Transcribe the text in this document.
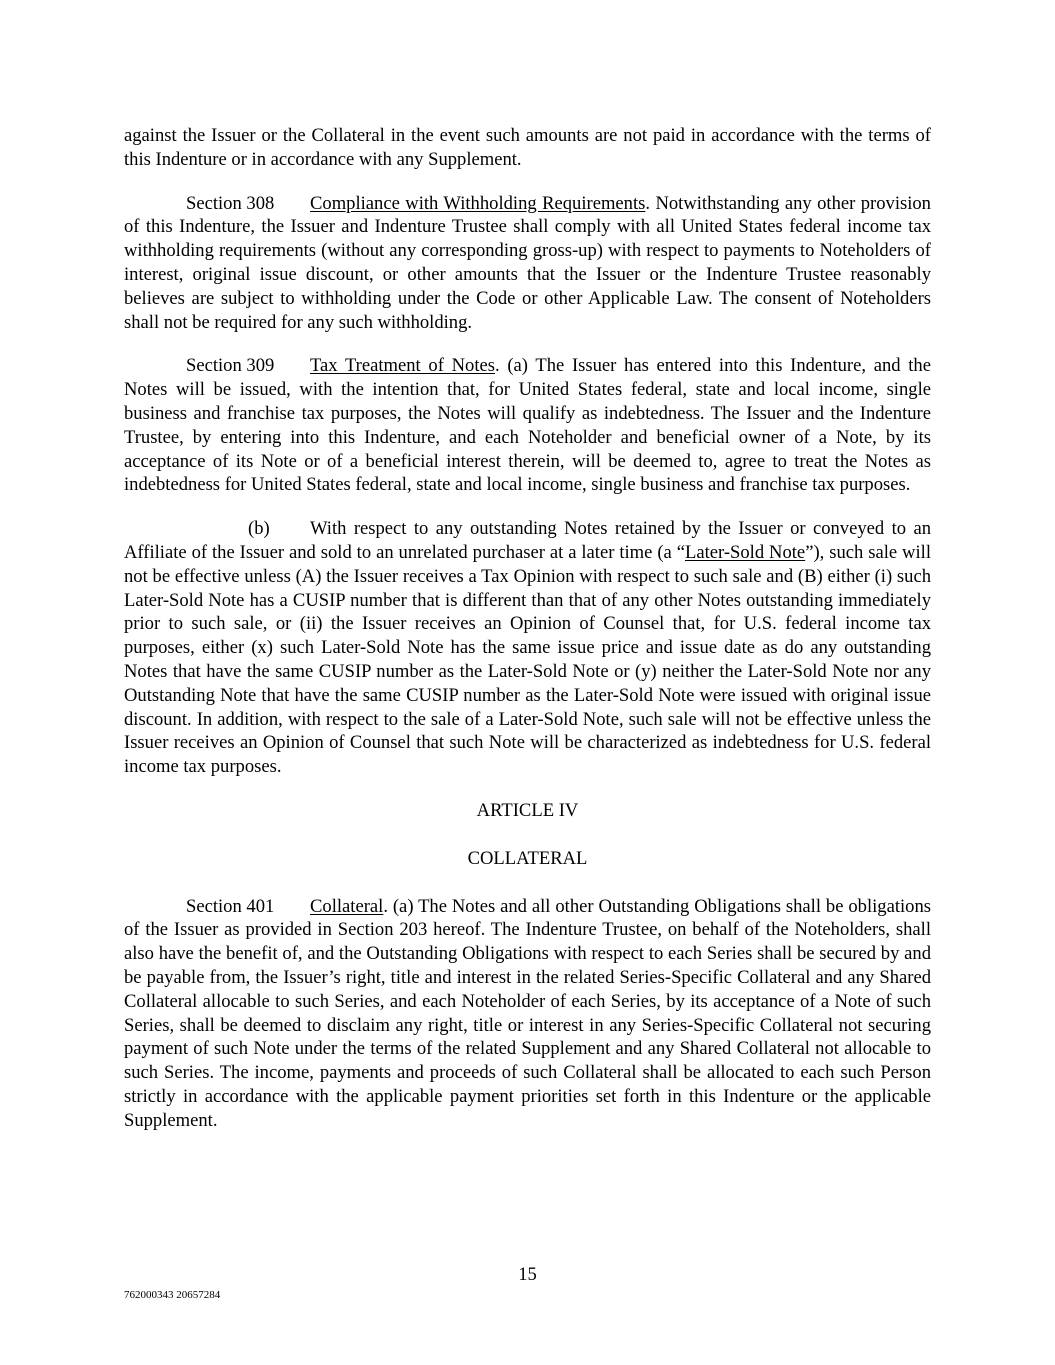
against the Issuer or the Collateral in the event such amounts are not paid in accordance with the terms of this Indenture or in accordance with any Supplement.

Section 308 Compliance with Withholding Requirements. Notwithstanding any other provision of this Indenture, the Issuer and Indenture Trustee shall comply with all United States federal income tax withholding requirements (without any corresponding gross-up) with respect to payments to Noteholders of interest, original issue discount, or other amounts that the Issuer or the Indenture Trustee reasonably believes are subject to withholding under the Code or other Applicable Law. The consent of Noteholders shall not be required for any such withholding.

Section 309 Tax Treatment of Notes. (a) The Issuer has entered into this Indenture, and the Notes will be issued, with the intention that, for United States federal, state and local income, single business and franchise tax purposes, the Notes will qualify as indebtedness. The Issuer and the Indenture Trustee, by entering into this Indenture, and each Noteholder and beneficial owner of a Note, by its acceptance of its Note or of a beneficial interest therein, will be deemed to, agree to treat the Notes as indebtedness for United States federal, state and local income, single business and franchise tax purposes.

(b) With respect to any outstanding Notes retained by the Issuer or conveyed to an Affiliate of the Issuer and sold to an unrelated purchaser at a later time (a “Later-Sold Note”), such sale will not be effective unless (A) the Issuer receives a Tax Opinion with respect to such sale and (B) either (i) such Later-Sold Note has a CUSIP number that is different than that of any other Notes outstanding immediately prior to such sale, or (ii) the Issuer receives an Opinion of Counsel that, for U.S. federal income tax purposes, either (x) such Later-Sold Note has the same issue price and issue date as do any outstanding Notes that have the same CUSIP number as the Later-Sold Note or (y) neither the Later-Sold Note nor any Outstanding Note that have the same CUSIP number as the Later-Sold Note were issued with original issue discount. In addition, with respect to the sale of a Later-Sold Note, such sale will not be effective unless the Issuer receives an Opinion of Counsel that such Note will be characterized as indebtedness for U.S. federal income tax purposes.

ARTICLE IV
COLLATERAL

Section 401 Collateral. (a) The Notes and all other Outstanding Obligations shall be obligations of the Issuer as provided in Section 203 hereof. The Indenture Trustee, on behalf of the Noteholders, shall also have the benefit of, and the Outstanding Obligations with respect to each Series shall be secured by and be payable from, the Issuer’s right, title and interest in the related Series-Specific Collateral and any Shared Collateral allocable to such Series, and each Noteholder of each Series, by its acceptance of a Note of such Series, shall be deemed to disclaim any right, title or interest in any Series-Specific Collateral not securing payment of such Note under the terms of the related Supplement and any Shared Collateral not allocable to such Series. The income, payments and proceeds of such Collateral shall be allocated to each such Person strictly in accordance with the applicable payment priorities set forth in this Indenture or the applicable Supplement.

15
762000343 20657284
